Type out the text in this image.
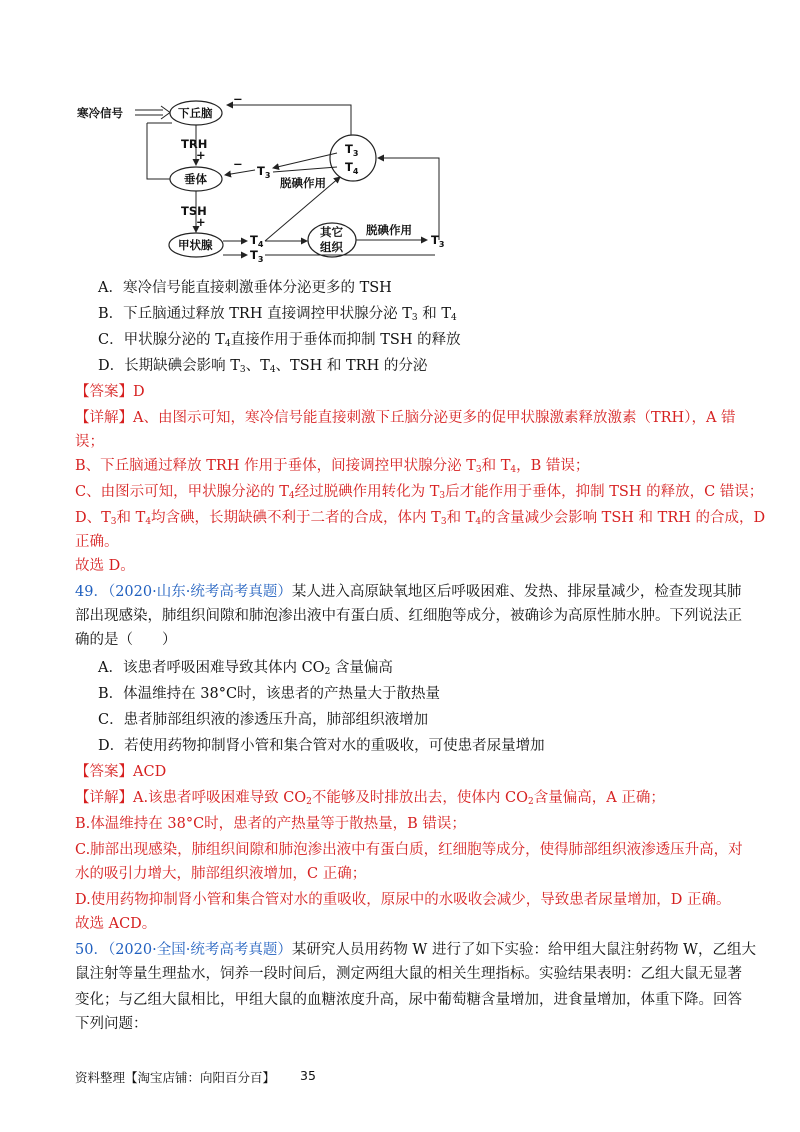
寒冷信号	下丘脑
−
TRH
+
垂体
− $T_3$
$T_3$
$T_4$
脱碘作用
TSH
+
甲状腺	$T_4$
$T_3$
其它
组织
脱碘作用
$T_3$
A．寒冷信号能直接刺激垂体分泌更多的 TSH
B．下丘脑通过释放 TRH 直接调控甲状腺分泌 $T_3$ 和 $T_4$
C．甲状腺分泌的 $T_4$直接作用于垂体而抑制 TSH 的释放
D．长期缺碘会影响 $T_3$、$T_4$、TSH 和 TRH 的分泌
【答案】D
【详解】A、由图示可知，寒冷信号能直接刺激下丘脑分泌更多的促甲状腺激素释放激素（TRH），A 错
误；
B、下丘脑通过释放 TRH 作用于垂体，间接调控甲状腺分泌 $T_3$和 $T_4$，B 错误；
C、由图示可知，甲状腺分泌的 $T_4$经过脱碘作用转化为 $T_3$后才能作用于垂体，抑制 TSH 的释放，C 错误；
D、$T_3$和 $T_4$均含碘，长期缺碘不利于二者的合成，体内 $T_3$和 $T_4$的含量减少会影响 TSH 和 TRH 的合成，D
正确。
故选 D。
49．（2020·山东·统考高考真题）某人进入高原缺氧地区后呼吸困难、发热、排尿量减少，检查发现其肺
部出现感染，肺组织间隙和肺泡渗出液中有蛋白质、红细胞等成分，被确诊为高原性肺水肿。下列说法正
确的是（　　）
A．该患者呼吸困难导致其体内 $CO_2$ 含量偏高
B．体温维持在 38°C时，该患者的产热量大于散热量
C．患者肺部组织液的渗透压升高，肺部组织液增加
D．若使用药物抑制肾小管和集合管对水的重吸收，可使患者尿量增加
【答案】ACD
【详解】A.该患者呼吸困难导致 $CO_2$不能够及时排放出去，使体内 $CO_2$含量偏高，A 正确；
B.体温维持在 38°C时，患者的产热量等于散热量，B 错误；
C.肺部出现感染，肺组织间隙和肺泡渗出液中有蛋白质，红细胞等成分，使得肺部组织液渗透压升高，对
水的吸引力增大，肺部组织液增加，C 正确；
D.使用药物抑制肾小管和集合管对水的重吸收，原尿中的水吸收会减少，导致患者尿量增加，D 正确。
故选 ACD。
50．（2020·全国·统考高考真题）某研究人员用药物 W 进行了如下实验：给甲组大鼠注射药物 W，乙组大
鼠注射等量生理盐水，饲养一段时间后，测定两组大鼠的相关生理指标。实验结果表明：乙组大鼠无显著
变化；与乙组大鼠相比，甲组大鼠的血糖浓度升高，尿中葡萄糖含量增加，进食量增加，体重下降。回答
下列问题：
资料整理【淘宝店铺：向阳百分百】 35
